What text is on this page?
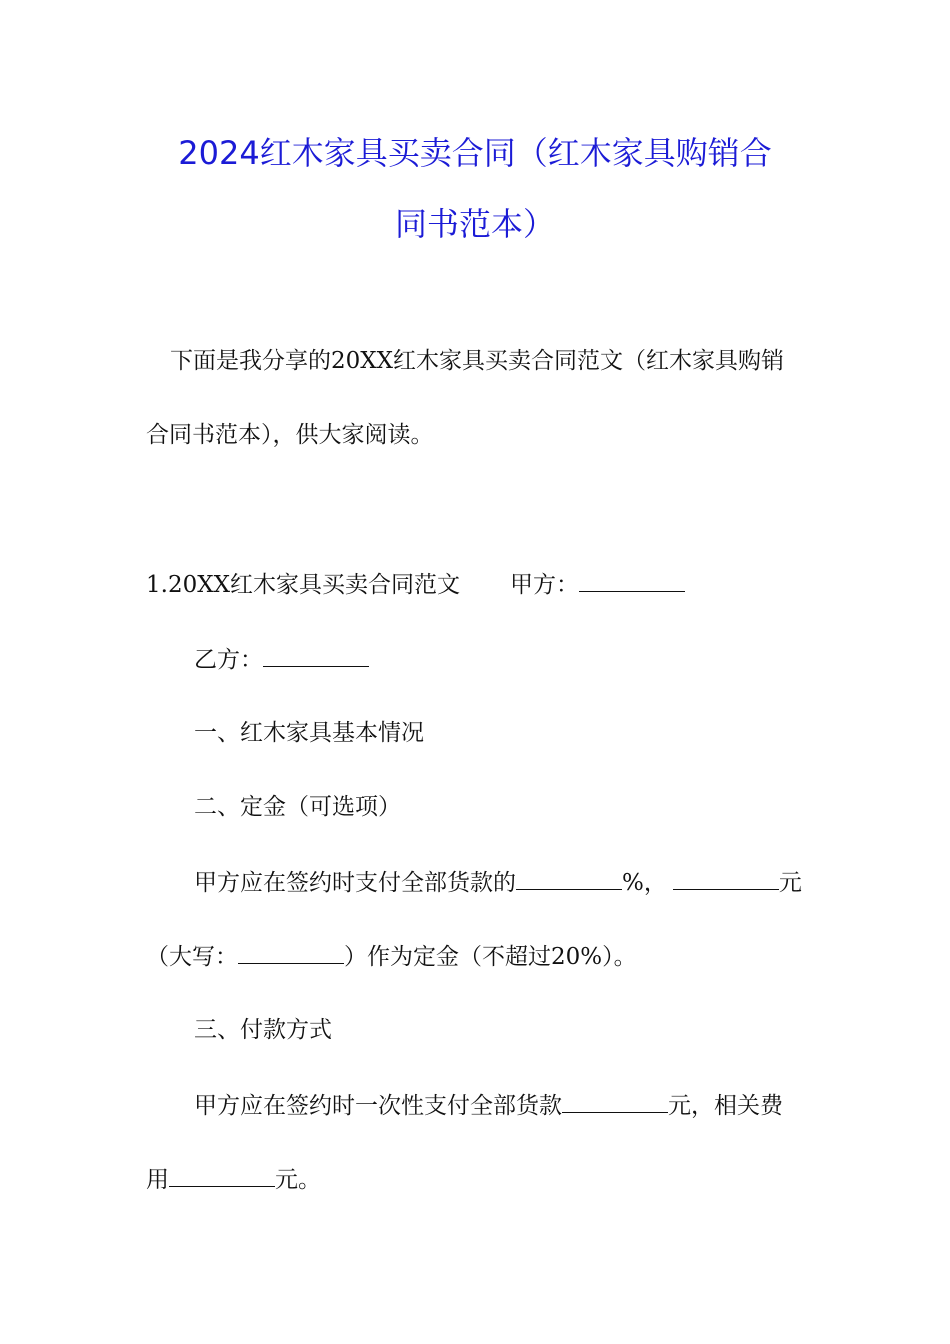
2024红木家具买卖合同（红木家具购销合
同书范本）

下面是我分享的20XX红木家具买卖合同范文（红木家具购销

合同书范本），供大家阅读。

1.20XX红木家具买卖合同范文 甲方：

乙方：

一、红木家具基本情况

二、定金（可选项）

甲方应在签约时支付全部货款的	%，	元

（大写：	）作为定金（不超过20%）。

三、付款方式

甲方应在签约时一次性支付全部货款	元，相关费

用	元。
